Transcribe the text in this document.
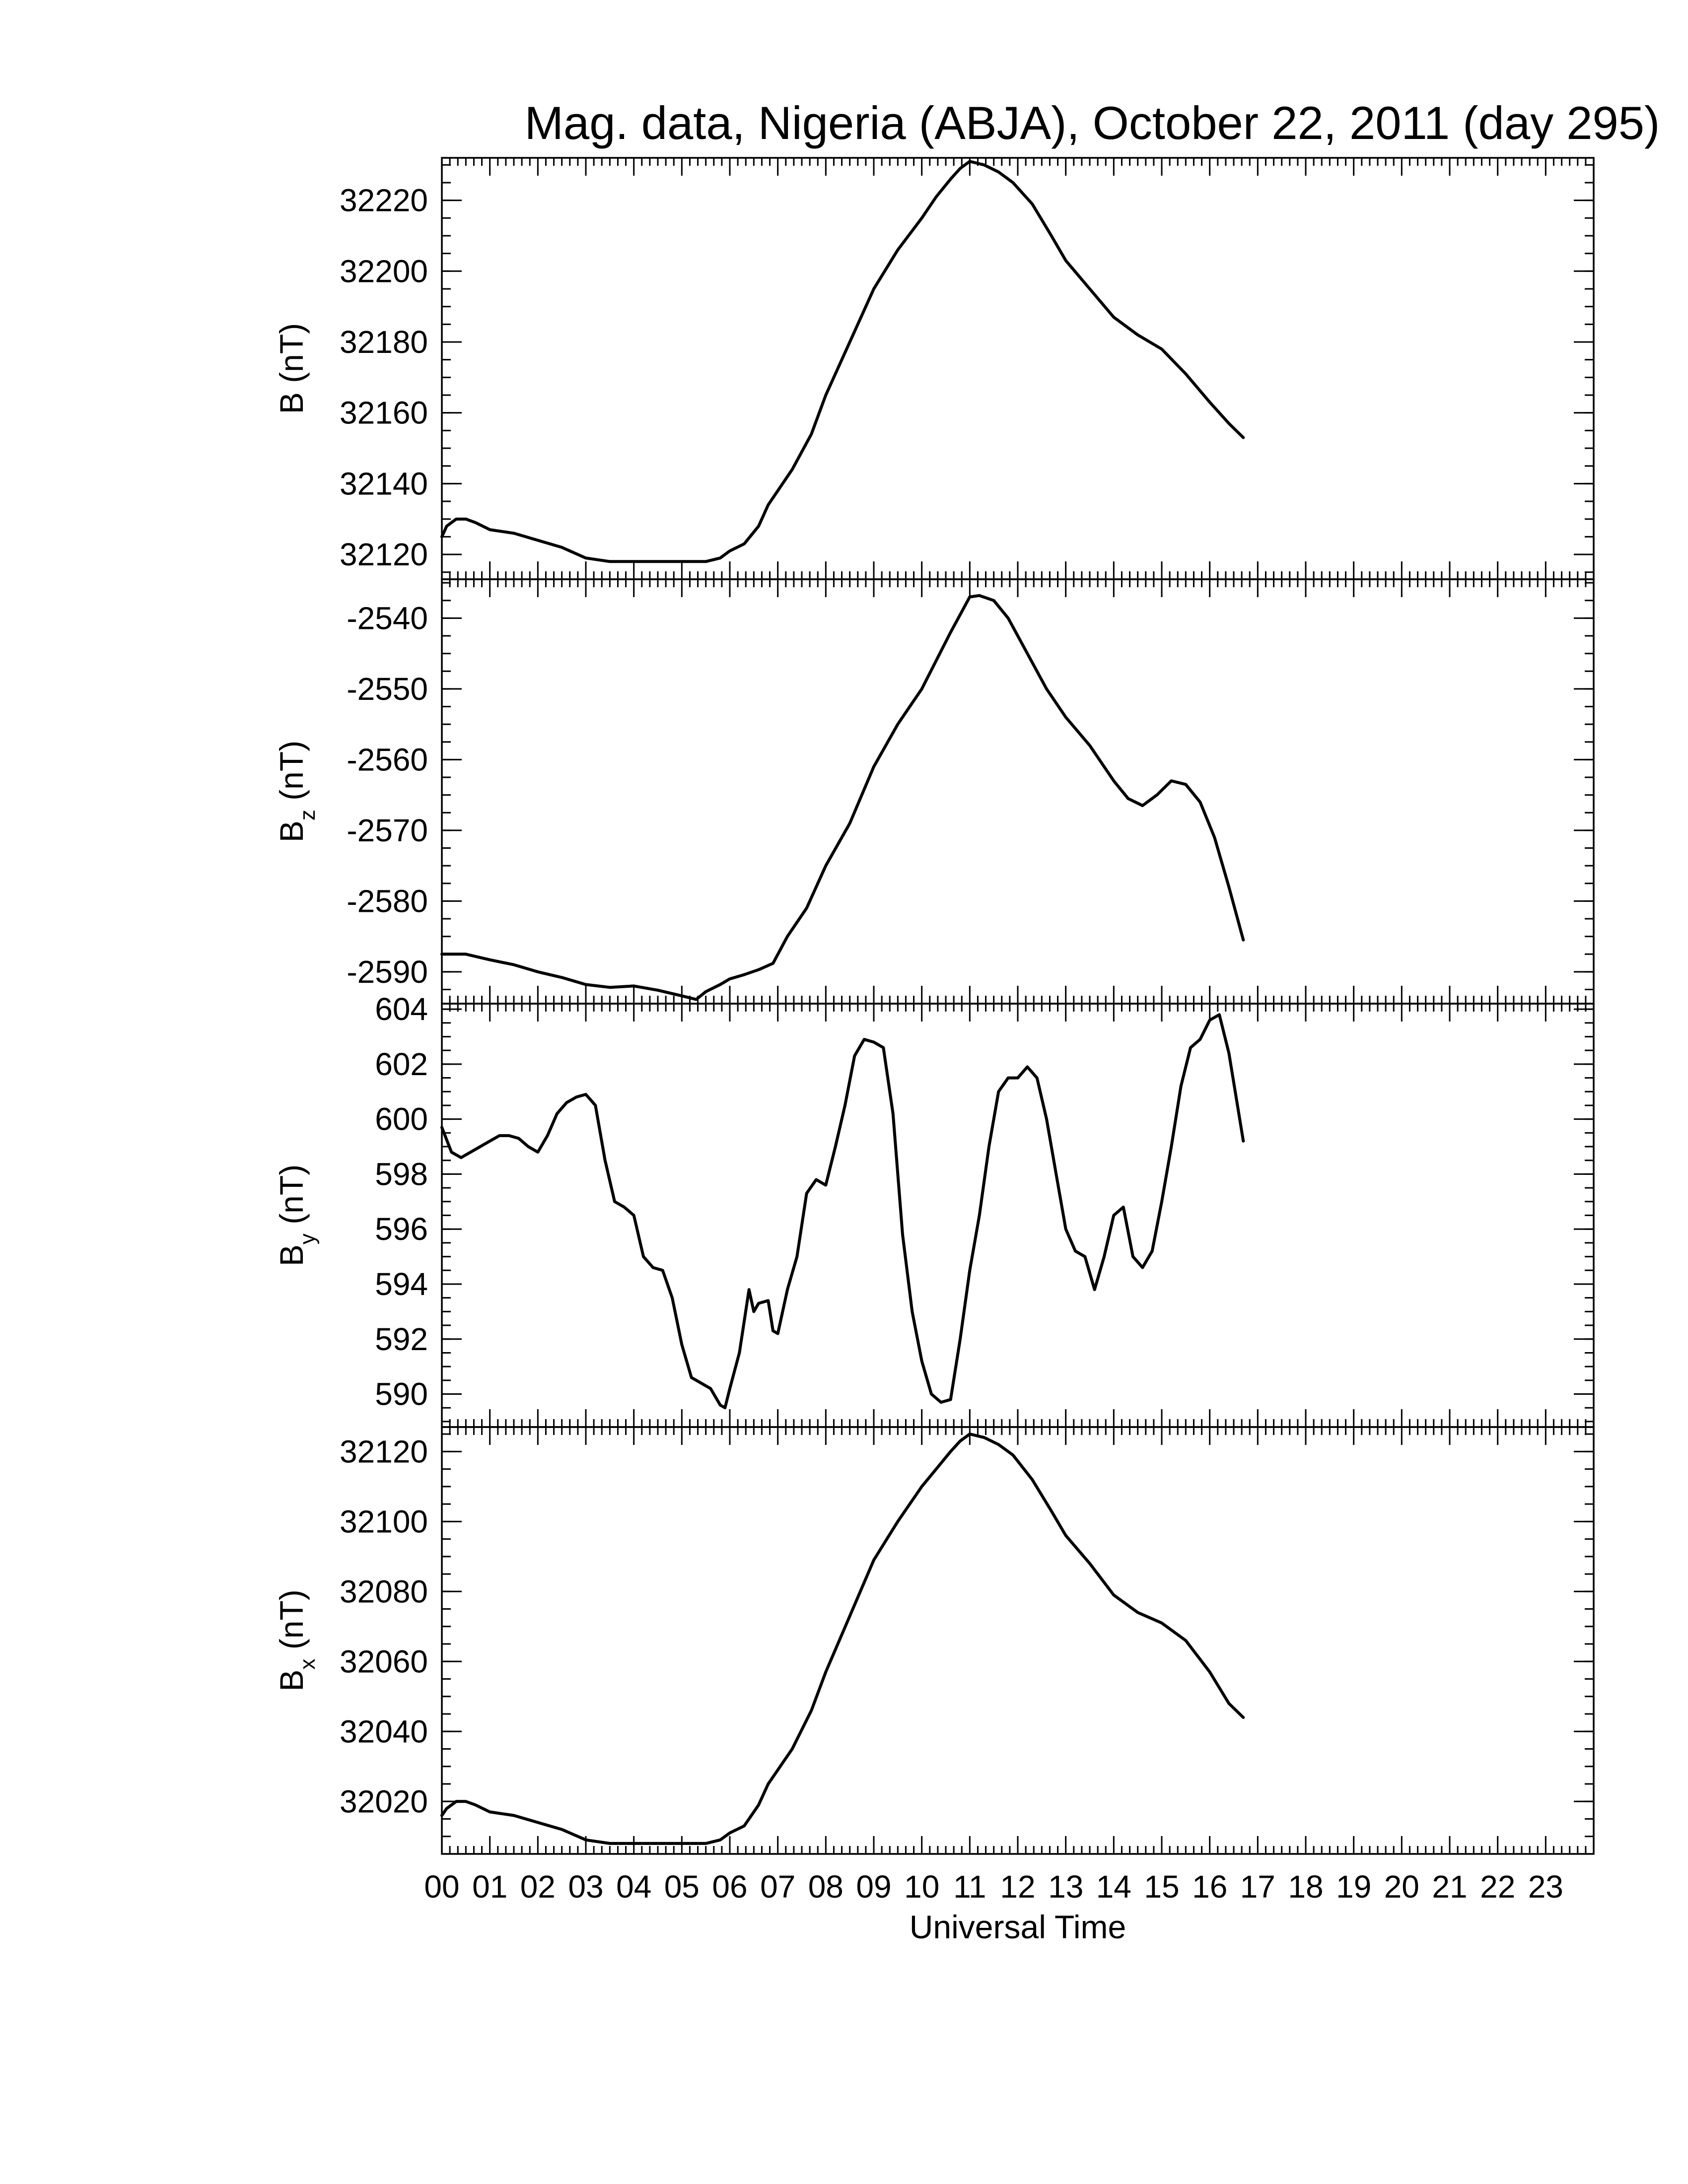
Mag. data, Nigeria (ABJA), October 22, 2011 (day 295)
32120
32140
32160
32180
32200
32220
B (nT)
-2590
-2580
-2570
-2560
-2550
-2540
$B_z$ (nT)
590
592
594
596
598
600
602
604
$B_y$ (nT)
32020
32040
32060
32080
32100
32120
$B_x$ (nT)
00 01 02 03 04 05 06 07 08 09 10 11 12 13 14 15 16 17 18 19 20 21 22 23
Universal Time
